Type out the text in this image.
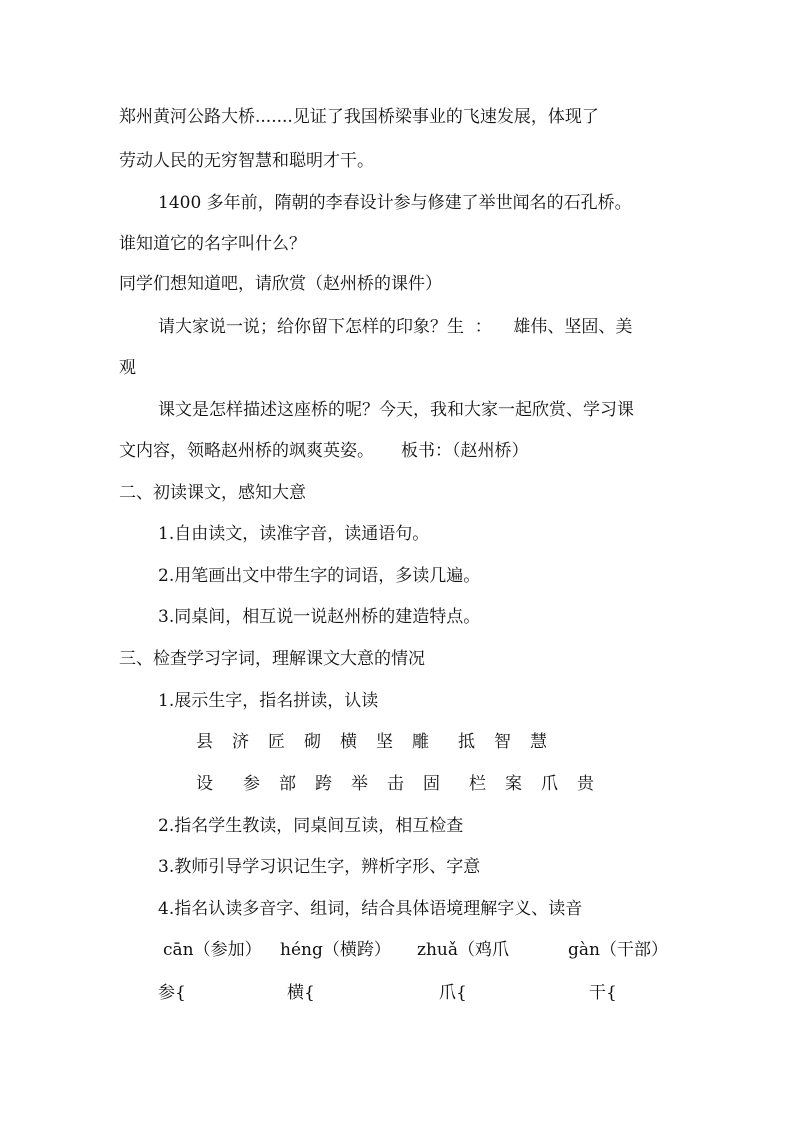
郑州黄河公路大桥.......见证了我国桥梁事业的飞速发展，体现了
劳动人民的无穷智慧和聪明才干。
1400 多年前，隋朝的李春设计参与修建了举世闻名的石孔桥。
谁知道它的名字叫什么？
同学们想知道吧，请欣赏（赵州桥的课件）
请大家说一说；给你留下怎样的印象？生  ：    雄伟、坚固、美
观
课文是怎样描述这座桥的呢？今天，我和大家一起欣赏、学习课
文内容，领略赵州桥的飒爽英姿。     板书：（赵州桥）
二、初读课文，感知大意
1.自由读文，读准字音，读通语句。
2.用笔画出文中带生字的词语，多读几遍。
3.同桌间，相互说一说赵州桥的建造特点。
三、检查学习字词，理解课文大意的情况
1.展示生字，指名拼读，认读
县 济 匠 砌 横 坚 雕 抵 智 慧
设 参 部 跨 举 击 固 栏 案 爪 贵
2.指名学生教读，同桌间互读，相互检查
3.教师引导学习识记生字，辨析字形、字意
4.指名认读多音字、组词，结合具体语境理解字义、读音
cān（参加） héng（横跨） zhuǎ（鸡爪	gàn（干部）
参{	横{	爪{	干{
